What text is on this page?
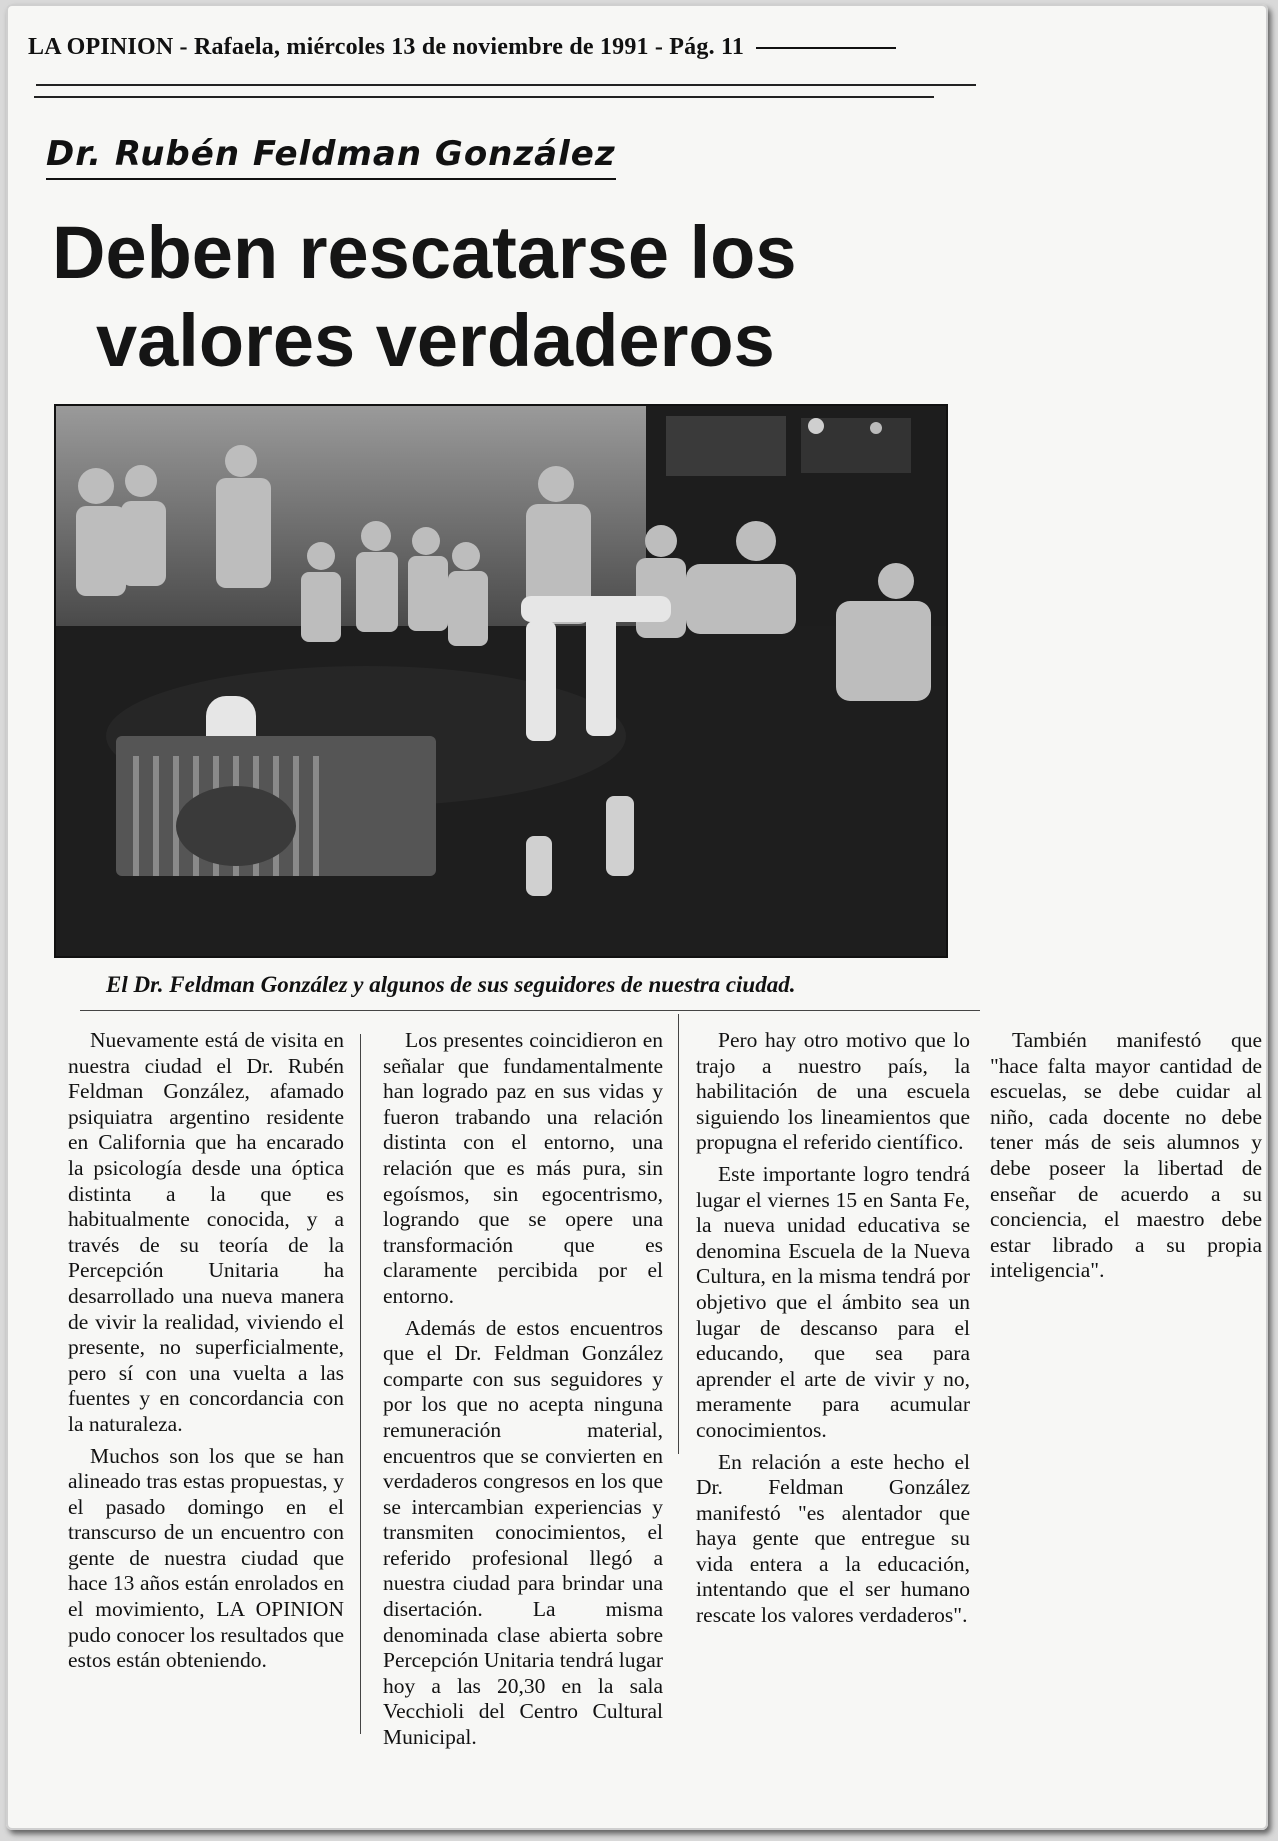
LA OPINION - Rafaela, miércoles 13 de noviembre de 1991 - Pág. 11
Dr. Rubén Feldman González
Deben rescatarse los
valores verdaderos
El Dr. Feldman González y algunos de sus seguidores de nuestra ciudad.

Nuevamente está de visita en nuestra ciudad el Dr. Rubén Feldman González, afamado psiquiatra argentino residente en California que ha encarado la psicología desde una óptica distinta a la que es habitualmente conocida, y a través de su teoría de la Percepción Unitaria ha desarrollado una nueva manera de vivir la realidad, viviendo el presente, no superficialmente, pero sí con una vuelta a las fuentes y en concordancia con la naturaleza.

Muchos son los que se han alineado tras estas propuestas, y el pasado domingo en el transcurso de un encuentro con gente de nuestra ciudad que hace 13 años están enrolados en el movimiento, LA OPINION pudo conocer los resultados que estos están obteniendo.

Los presentes coincidieron en señalar que fundamentalmente han logrado paz en sus vidas y fueron trabando una relación distinta con el entorno, una relación que es más pura, sin egoísmos, sin egocentrismo, logrando que se opere una transformación que es claramente percibida por el entorno.

Además de estos encuentros que el Dr. Feldman González comparte con sus seguidores y por los que no acepta ninguna remuneración material, encuentros que se convierten en verdaderos congresos en los que se intercambian experiencias y transmiten conocimientos, el referido profesional llegó a nuestra ciudad para brindar una disertación. La misma denominada clase abierta sobre Percepción Unitaria tendrá lugar hoy a las 20,30 en la sala Vecchioli del Centro Cultural Municipal.

Pero hay otro motivo que lo trajo a nuestro país, la habilitación de una escuela siguiendo los lineamientos que propugna el referido científico.

Este importante logro tendrá lugar el viernes 15 en Santa Fe, la nueva unidad educativa se denomina Escuela de la Nueva Cultura, en la misma tendrá por objetivo que el ámbito sea un lugar de descanso para el educando, que sea para aprender el arte de vivir y no, meramente para acumular conocimientos.

En relación a este hecho el Dr. Feldman González manifestó "es alentador que haya gente que entregue su vida entera a la educación, intentando que el ser humano rescate los valores verdaderos".

También manifestó que "hace falta mayor cantidad de escuelas, se debe cuidar al niño, cada docente no debe tener más de seis alumnos y debe poseer la libertad de enseñar de acuerdo a su conciencia, el maestro debe estar librado a su propia inteligencia".
